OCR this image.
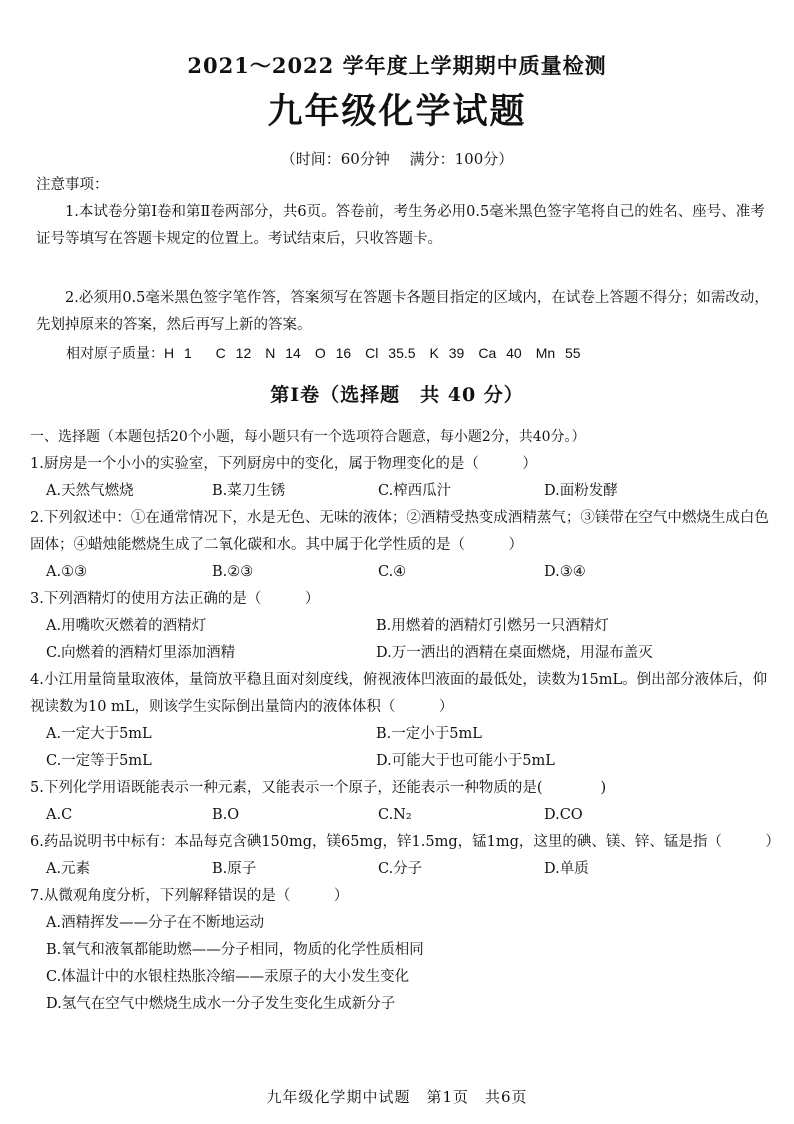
2021～2022 学年度上学期期中质量检测
九年级化学试题
（时间：60分钟　 满分：100分）
注意事项：
1.本试卷分第Ⅰ卷和第Ⅱ卷两部分，共6页。答卷前，考生务必用0.5毫米黑色签字笔将自己的姓名、座号、准考证号等填写在答题卡规定的位置上。考试结束后，只收答题卡。
2.必须用0.5毫米黑色签字笔作答，答案须写在答题卡各题目指定的区域内，在试卷上答题不得分；如需改动，先划掉原来的答案，然后再写上新的答案。
相对原子质量：H 1　 C 12　N 14　O 16　Cl 35.5　K 39　Ca 40　Mn 55
第Ⅰ卷（选择题　共 40 分）
一、选择题（本题包括20个小题，每小题只有一个选项符合题意，每小题2分，共40分。）
1.厨房是一个小小的实验室，下列厨房中的变化，属于物理变化的是（　　　）
A.天然气燃烧	B.菜刀生锈	C.榨西瓜汁	D.面粉发酵
2.下列叙述中：①在通常情况下，水是无色、无味的液体；②酒精受热变成酒精蒸气；③镁带在空气中燃烧生成白色固体；④蜡烛能燃烧生成了二氧化碳和水。其中属于化学性质的是（　　　）
A.①③	B.②③	C.④	D.③④
3.下列酒精灯的使用方法正确的是（　　　）
A.用嘴吹灭燃着的酒精灯	B.用燃着的酒精灯引燃另一只酒精灯
C.向燃着的酒精灯里添加酒精	D.万一洒出的酒精在桌面燃烧，用湿布盖灭
4.小江用量筒量取液体，量筒放平稳且面对刻度线，俯视液体凹液面的最低处，读数为15mL。倒出部分液体后，仰视读数为10 mL，则该学生实际倒出量筒内的液体体积（　　　）
A.一定大于5mL	B.一定小于5mL
C.一定等于5mL	D.可能大于也可能小于5mL
5.下列化学用语既能表示一种元素，又能表示一个原子，还能表示一种物质的是(　　　　)
A.C	B.O	C.N₂	D.CO
6.药品说明书中标有：本品每克含碘150mg，镁65mg，锌1.5mg，锰1mg，这里的碘、镁、锌、锰是指（　　　）
A.元素	B.原子	C.分子	D.单质
7.从微观角度分析，下列解释错误的是（　　　）
A.酒精挥发——分子在不断地运动
B.氧气和液氧都能助燃——分子相同，物质的化学性质相同
C.体温计中的水银柱热胀冷缩——汞原子的大小发生变化
D.氢气在空气中燃烧生成水一分子发生变化生成新分子
九年级化学期中试题　第1页　共6页
